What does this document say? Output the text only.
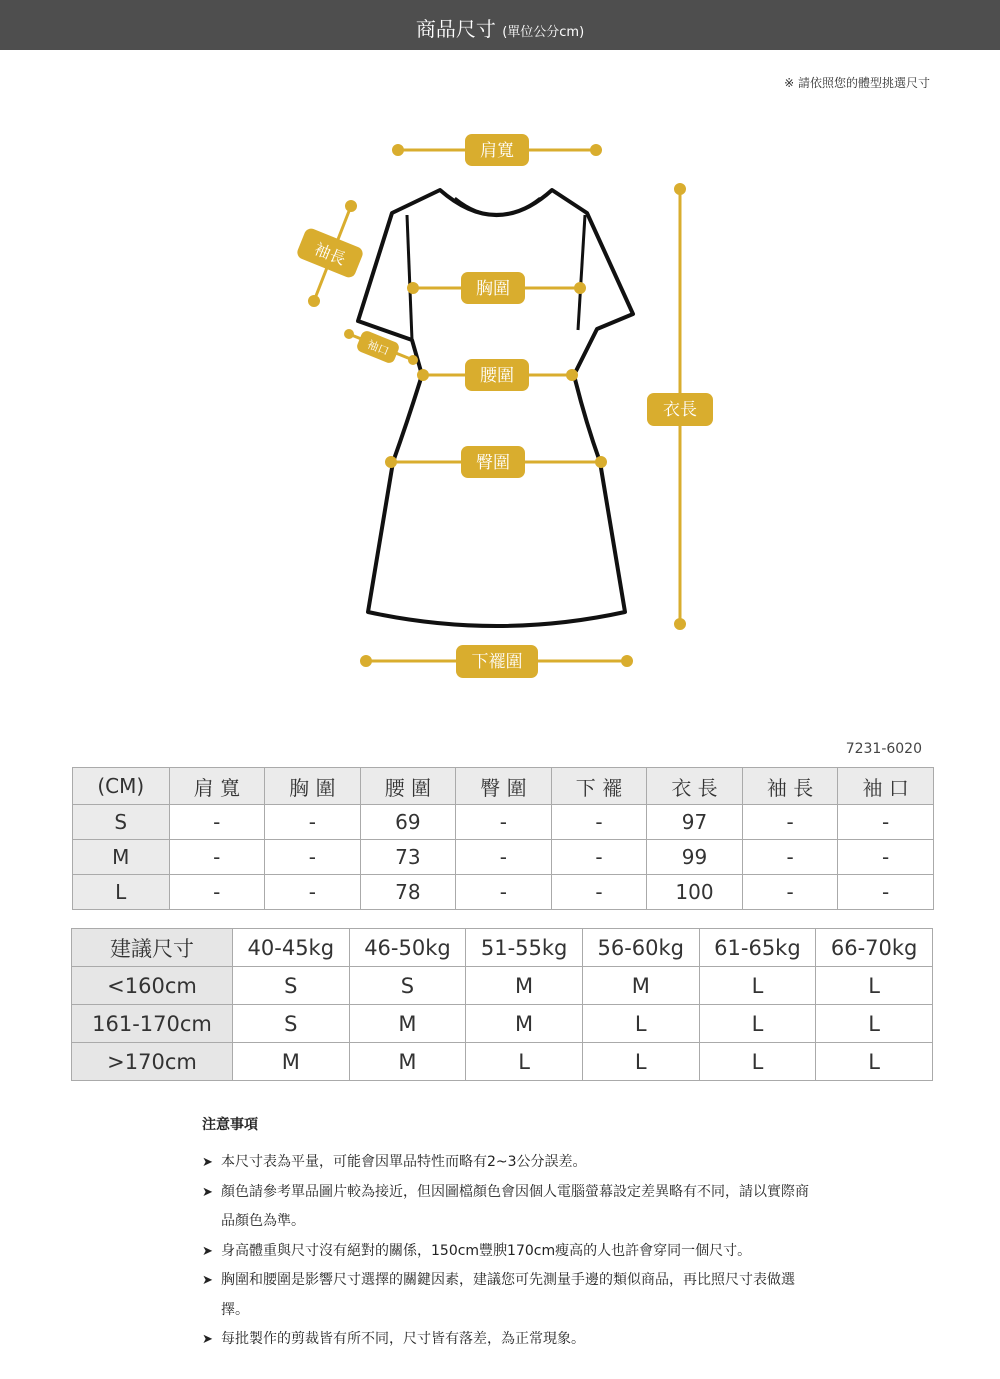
商品尺寸 (單位公分cm)
※ 請依照您的體型挑選尺寸
肩寬
胸圍
腰圍
臀圍
下襬圍
衣長
袖長
袖口
7231-6020
(CM)	肩 寬	胸 圍	腰 圍	臀 圍	下 襬	衣 長	袖 長	袖 口
S	-	-	69	-	-	97	-	-
M	-	-	73	-	-	99	-	-
L	-	-	78	-	-	100	-	-
建議尺寸	40-45kg	46-50kg	51-55kg	56-60kg	61-65kg	66-70kg
<160cm	S	S	M	M	L	L
161-170cm	S	M	M	L	L	L
>170cm	M	M	L	L	L	L
注意事項
➤ 本尺寸表為平量，可能會因單品特性而略有2~3公分誤差。
➤ 顏色請參考單品圖片較為接近，但因圖檔顏色會因個人電腦螢幕設定差異略有不同，請以實際商品顏色為準。
➤ 身高體重與尺寸沒有絕對的關係，150cm豐腴170cm瘦高的人也許會穿同一個尺寸。
➤ 胸圍和腰圍是影響尺寸選擇的關鍵因素，建議您可先測量手邊的類似商品，再比照尺寸表做選擇。
➤ 每批製作的剪裁皆有所不同，尺寸皆有落差，為正常現象。
